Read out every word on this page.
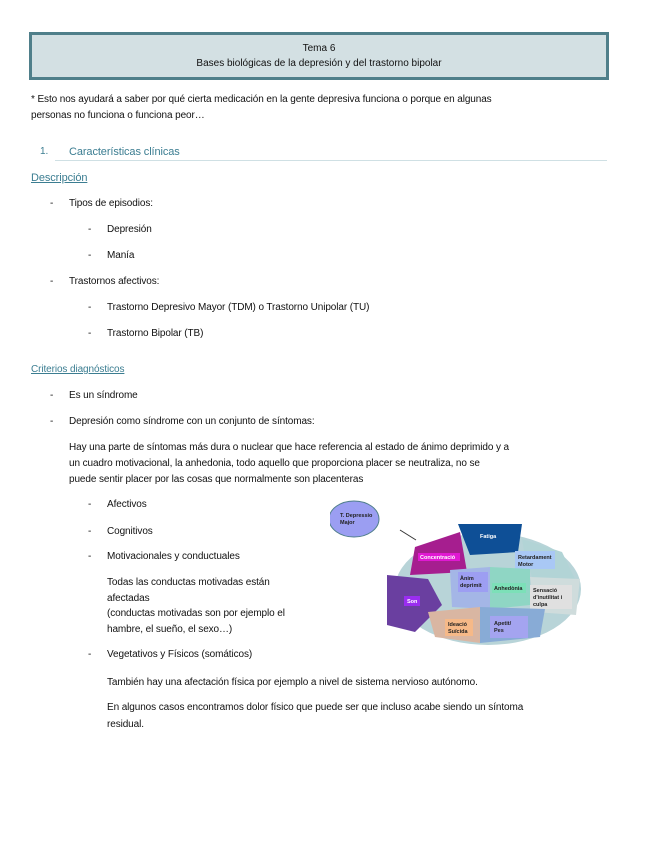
Tema 6
Bases biológicas de la depresión y del trastorno bipolar
* Esto nos ayudará a saber por qué cierta medicación en la gente depresiva funciona o porque en algunas
personas no funciona o funciona peor…
1. Características clínicas
Descripción
- Tipos de episodios:
- Depresión
- Manía
- Trastornos afectivos:
- Trastorno Depresivo Mayor (TDM) o Trastorno Unipolar (TU)
- Trastorno Bipolar (TB)
Criterios diagnósticos
- Es un síndrome
- Depresión como síndrome con un conjunto de síntomas:
Hay una parte de síntomas más dura o nuclear que hace referencia al estado de ánimo deprimido y a
un cuadro motivacional, la anhedonia, todo aquello que proporciona placer se neutraliza, no se
puede sentir placer por las cosas que normalmente son placenteras
- Afectivos
- Cognitivos
- Motivacionales y conductuales
Todas las conductas motivadas están
afectadas
(conductas motivadas son por ejemplo el
hambre, el sueño, el sexo…)
- Vegetativos y Físicos (somáticos)
También hay una afectación física por ejemplo a nivel de sistema nervioso autónomo.
En algunos casos encontramos dolor físico que puede ser que incluso acabe siendo un síntoma
residual.
T. Depressio
Major
Fatiga
Retardament
Motor
Concentració
Son
Ànim
deprimit Anhedònia Sensació
d'inutilitat i
culpa
Ideació
Suïcida
Apetit/
Pes
